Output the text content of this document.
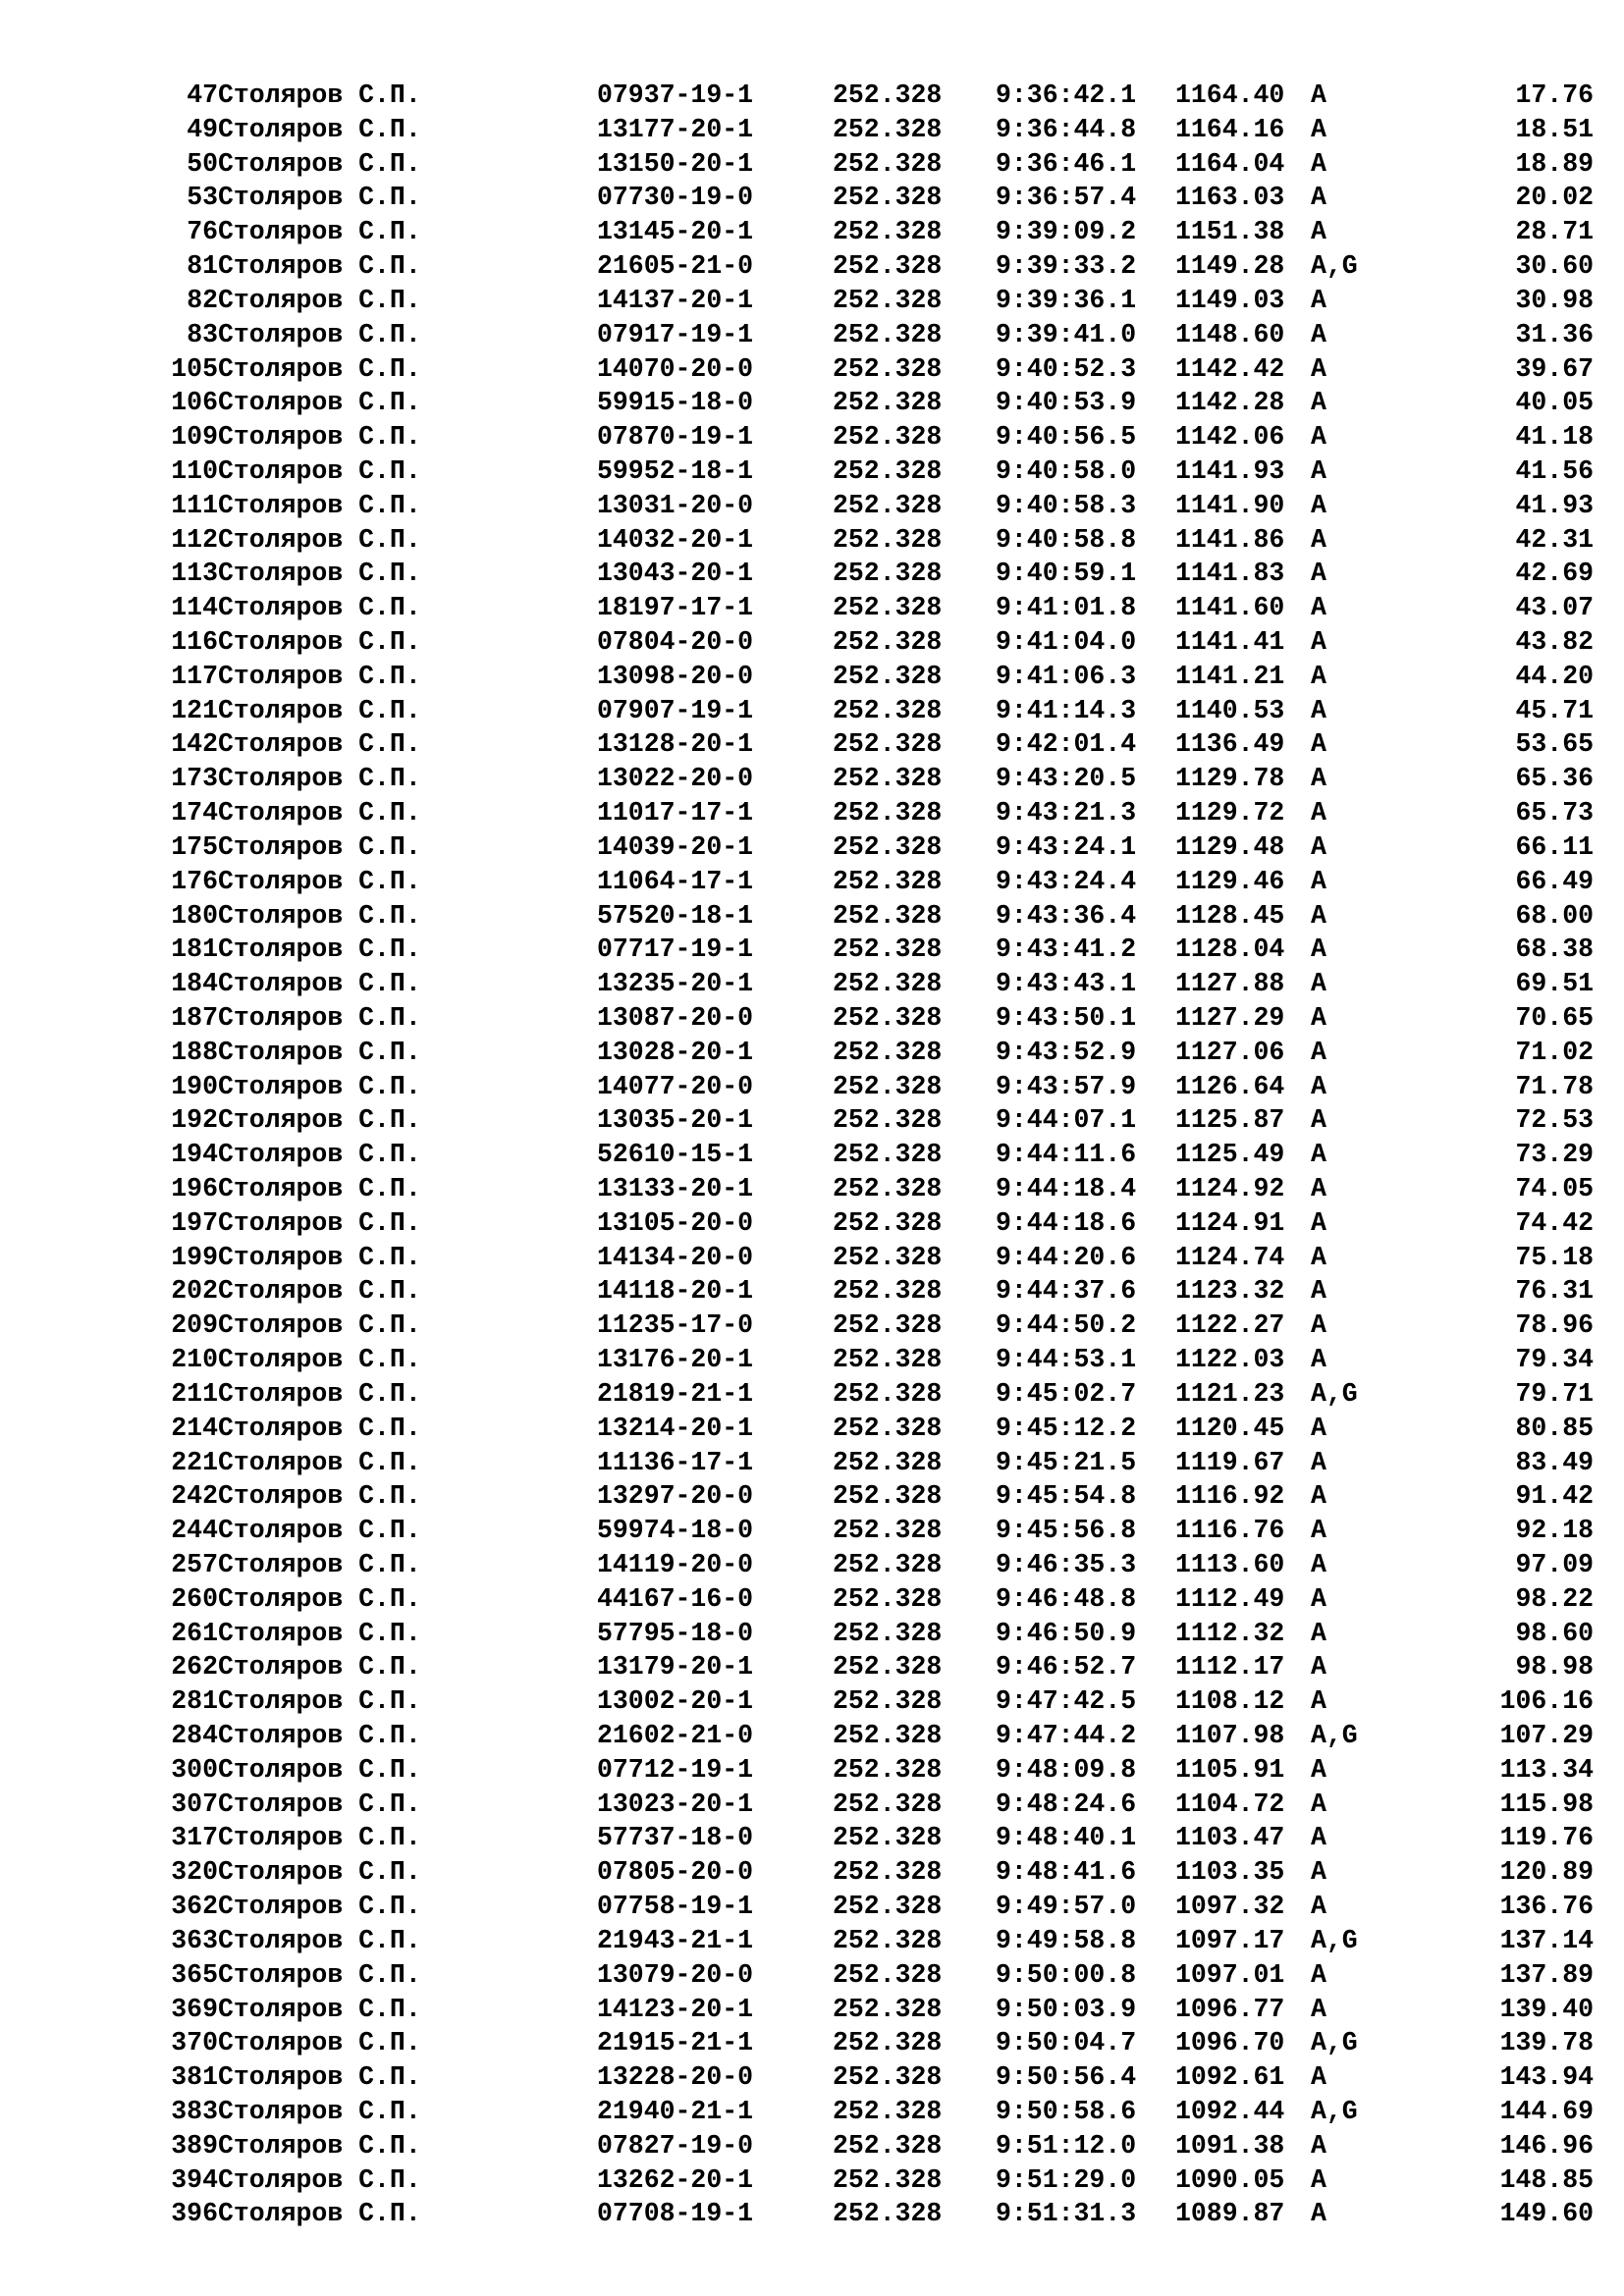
47 Столяров С.П.	07937-19-1	252.328 9:36:42.1 1164.40 A	17.76
49 Столяров С.П.	13177-20-1	252.328 9:36:44.8 1164.16 A	18.51
50 Столяров С.П.	13150-20-1	252.328 9:36:46.1 1164.04 A	18.89
53 Столяров С.П.	07730-19-0	252.328 9:36:57.4 1163.03 A	20.02
76 Столяров С.П.	13145-20-1	252.328 9:39:09.2 1151.38 A	28.71
81 Столяров С.П.	21605-21-0	252.328 9:39:33.2 1149.28 A,G	30.60
82 Столяров С.П.	14137-20-1	252.328 9:39:36.1 1149.03 A	30.98
83 Столяров С.П.	07917-19-1	252.328 9:39:41.0 1148.60 A	31.36
105 Столяров С.П.	14070-20-0	252.328 9:40:52.3 1142.42 A	39.67
106 Столяров С.П.	59915-18-0	252.328 9:40:53.9 1142.28 A	40.05
109 Столяров С.П.	07870-19-1	252.328 9:40:56.5 1142.06 A	41.18
110 Столяров С.П.	59952-18-1	252.328 9:40:58.0 1141.93 A	41.56
111 Столяров С.П.	13031-20-0	252.328 9:40:58.3 1141.90 A	41.93
112 Столяров С.П.	14032-20-1	252.328 9:40:58.8 1141.86 A	42.31
113 Столяров С.П.	13043-20-1	252.328 9:40:59.1 1141.83 A	42.69
114 Столяров С.П.	18197-17-1	252.328 9:41:01.8 1141.60 A	43.07
116 Столяров С.П.	07804-20-0	252.328 9:41:04.0 1141.41 A	43.82
117 Столяров С.П.	13098-20-0	252.328 9:41:06.3 1141.21 A	44.20
121 Столяров С.П.	07907-19-1	252.328 9:41:14.3 1140.53 A	45.71
142 Столяров С.П.	13128-20-1	252.328 9:42:01.4 1136.49 A	53.65
173 Столяров С.П.	13022-20-0	252.328 9:43:20.5 1129.78 A	65.36
174 Столяров С.П.	11017-17-1	252.328 9:43:21.3 1129.72 A	65.73
175 Столяров С.П.	14039-20-1	252.328 9:43:24.1 1129.48 A	66.11
176 Столяров С.П.	11064-17-1	252.328 9:43:24.4 1129.46 A	66.49
180 Столяров С.П.	57520-18-1	252.328 9:43:36.4 1128.45 A	68.00
181 Столяров С.П.	07717-19-1	252.328 9:43:41.2 1128.04 A	68.38
184 Столяров С.П.	13235-20-1	252.328 9:43:43.1 1127.88 A	69.51
187 Столяров С.П.	13087-20-0	252.328 9:43:50.1 1127.29 A	70.65
188 Столяров С.П.	13028-20-1	252.328 9:43:52.9 1127.06 A	71.02
190 Столяров С.П.	14077-20-0	252.328 9:43:57.9 1126.64 A	71.78
192 Столяров С.П.	13035-20-1	252.328 9:44:07.1 1125.87 A	72.53
194 Столяров С.П.	52610-15-1	252.328 9:44:11.6 1125.49 A	73.29
196 Столяров С.П.	13133-20-1	252.328 9:44:18.4 1124.92 A	74.05
197 Столяров С.П.	13105-20-0	252.328 9:44:18.6 1124.91 A	74.42
199 Столяров С.П.	14134-20-0	252.328 9:44:20.6 1124.74 A	75.18
202 Столяров С.П.	14118-20-1	252.328 9:44:37.6 1123.32 A	76.31
209 Столяров С.П.	11235-17-0	252.328 9:44:50.2 1122.27 A	78.96
210 Столяров С.П.	13176-20-1	252.328 9:44:53.1 1122.03 A	79.34
211 Столяров С.П.	21819-21-1	252.328 9:45:02.7 1121.23 A,G	79.71
214 Столяров С.П.	13214-20-1	252.328 9:45:12.2 1120.45 A	80.85
221 Столяров С.П.	11136-17-1	252.328 9:45:21.5 1119.67 A	83.49
242 Столяров С.П.	13297-20-0	252.328 9:45:54.8 1116.92 A	91.42
244 Столяров С.П.	59974-18-0	252.328 9:45:56.8 1116.76 A	92.18
257 Столяров С.П.	14119-20-0	252.328 9:46:35.3 1113.60 A	97.09
260 Столяров С.П.	44167-16-0	252.328 9:46:48.8 1112.49 A	98.22
261 Столяров С.П.	57795-18-0	252.328 9:46:50.9 1112.32 A	98.60
262 Столяров С.П.	13179-20-1	252.328 9:46:52.7 1112.17 A	98.98
281 Столяров С.П.	13002-20-1	252.328 9:47:42.5 1108.12 A	106.16
284 Столяров С.П.	21602-21-0	252.328 9:47:44.2 1107.98 A,G	107.29
300 Столяров С.П.	07712-19-1	252.328 9:48:09.8 1105.91 A	113.34
307 Столяров С.П.	13023-20-1	252.328 9:48:24.6 1104.72 A	115.98
317 Столяров С.П.	57737-18-0	252.328 9:48:40.1 1103.47 A	119.76
320 Столяров С.П.	07805-20-0	252.328 9:48:41.6 1103.35 A	120.89
362 Столяров С.П.	07758-19-1	252.328 9:49:57.0 1097.32 A	136.76
363 Столяров С.П.	21943-21-1	252.328 9:49:58.8 1097.17 A,G	137.14
365 Столяров С.П.	13079-20-0	252.328 9:50:00.8 1097.01 A	137.89
369 Столяров С.П.	14123-20-1	252.328 9:50:03.9 1096.77 A	139.40
370 Столяров С.П.	21915-21-1	252.328 9:50:04.7 1096.70 A,G	139.78
381 Столяров С.П.	13228-20-0	252.328 9:50:56.4 1092.61 A	143.94
383 Столяров С.П.	21940-21-1	252.328 9:50:58.6 1092.44 A,G	144.69
389 Столяров С.П.	07827-19-0	252.328 9:51:12.0 1091.38 A	146.96
394 Столяров С.П.	13262-20-1	252.328 9:51:29.0 1090.05 A	148.85
396 Столяров С.П.	07708-19-1	252.328 9:51:31.3 1089.87 A	149.60
